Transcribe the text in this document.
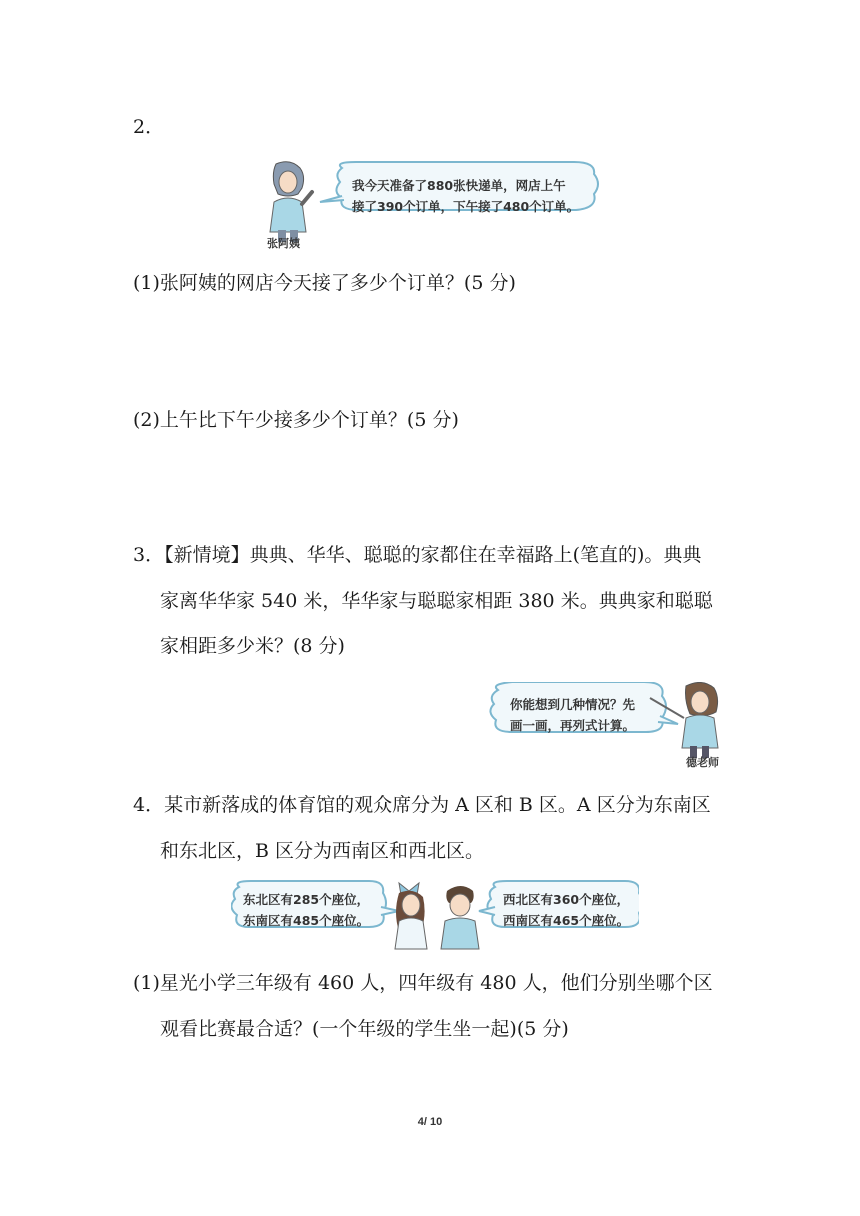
2．
我今天准备了880张快递单，网店上午
接了390个订单，下午接了480个订单。
张阿姨
(1)张阿姨的网店今天接了多少个订单？(5 分)
(2)上午比下午少接多少个订单？(5 分)
3．【新情境】典典、华华、聪聪的家都住在幸福路上(笔直的)。典典
家离华华家 540 米，华华家与聪聪家相距 380 米。典典家和聪聪
家相距多少米？(8 分)
你能想到几种情况？先
画一画，再列式计算。
德老师
4．某市新落成的体育馆的观众席分为 A 区和 B 区。A 区分为东南区
和东北区，B 区分为西南区和西北区。
东北区有285个座位，
东南区有485个座位。
西北区有360个座位，
西南区有465个座位。
(1)星光小学三年级有 460 人，四年级有 480 人，他们分别坐哪个区
观看比赛最合适？(一个年级的学生坐一起)(5 分)
4/ 10
